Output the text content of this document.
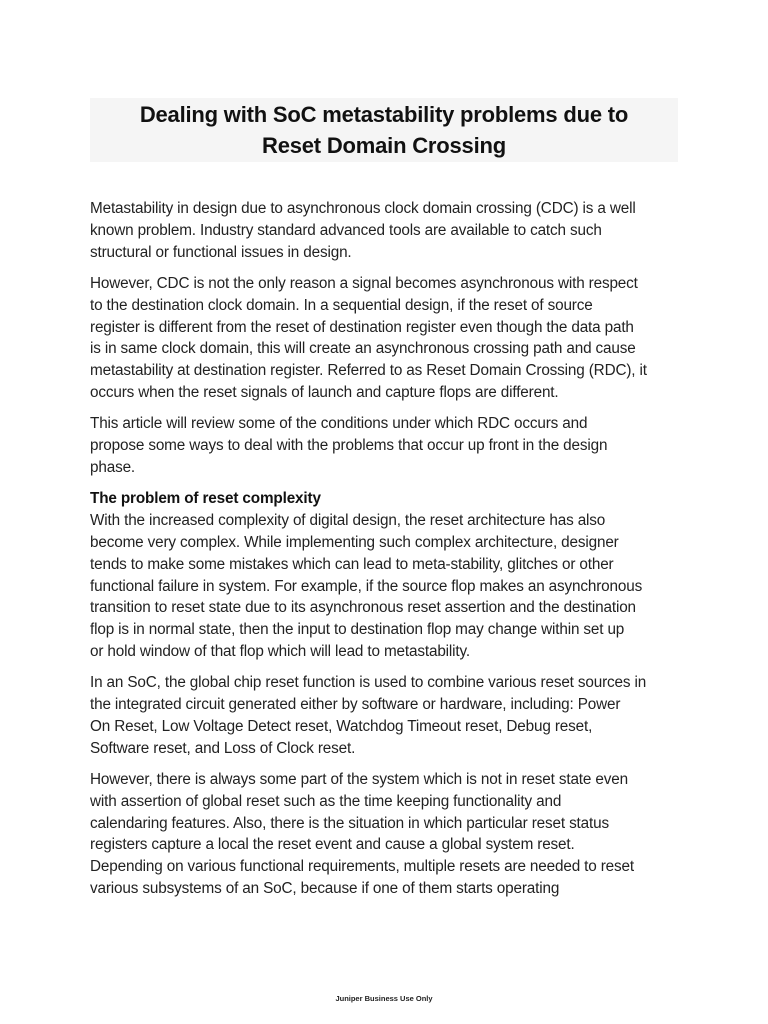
Dealing with SoC metastability problems due to
Reset Domain Crossing
Metastability in design due to asynchronous clock domain crossing (CDC) is a well
known problem. Industry standard advanced tools are available to catch such
structural or functional issues in design.
However, CDC is not the only reason a signal becomes asynchronous with respect
to the destination clock domain. In a sequential design, if the reset of source
register is different from the reset of destination register even though the data path
is in same clock domain, this will create an asynchronous crossing path and cause
metastability at destination register. Referred to as Reset Domain Crossing (RDC), it
occurs when the reset signals of launch and capture flops are different.
This article will review some of the conditions under which RDC occurs and
propose some ways to deal with the problems that occur up front in the design
phase.
The problem of reset complexity
With the increased complexity of digital design, the reset architecture has also
become very complex. While implementing such complex architecture, designer
tends to make some mistakes which can lead to meta-stability, glitches or other
functional failure in system. For example, if the source flop makes an asynchronous
transition to reset state due to its asynchronous reset assertion and the destination
flop is in normal state, then the input to destination flop may change within set up
or hold window of that flop which will lead to metastability.
In an SoC, the global chip reset function is used to combine various reset sources in
the integrated circuit generated either by software or hardware, including: Power
On Reset, Low Voltage Detect reset, Watchdog Timeout reset, Debug reset,
Software reset, and Loss of Clock reset.
However, there is always some part of the system which is not in reset state even
with assertion of global reset such as the time keeping functionality and
calendaring features. Also, there is the situation in which particular reset status
registers capture a local the reset event and cause a global system reset.
Depending on various functional requirements, multiple resets are needed to reset
various subsystems of an SoC, because if one of them starts operating
Juniper Business Use Only
